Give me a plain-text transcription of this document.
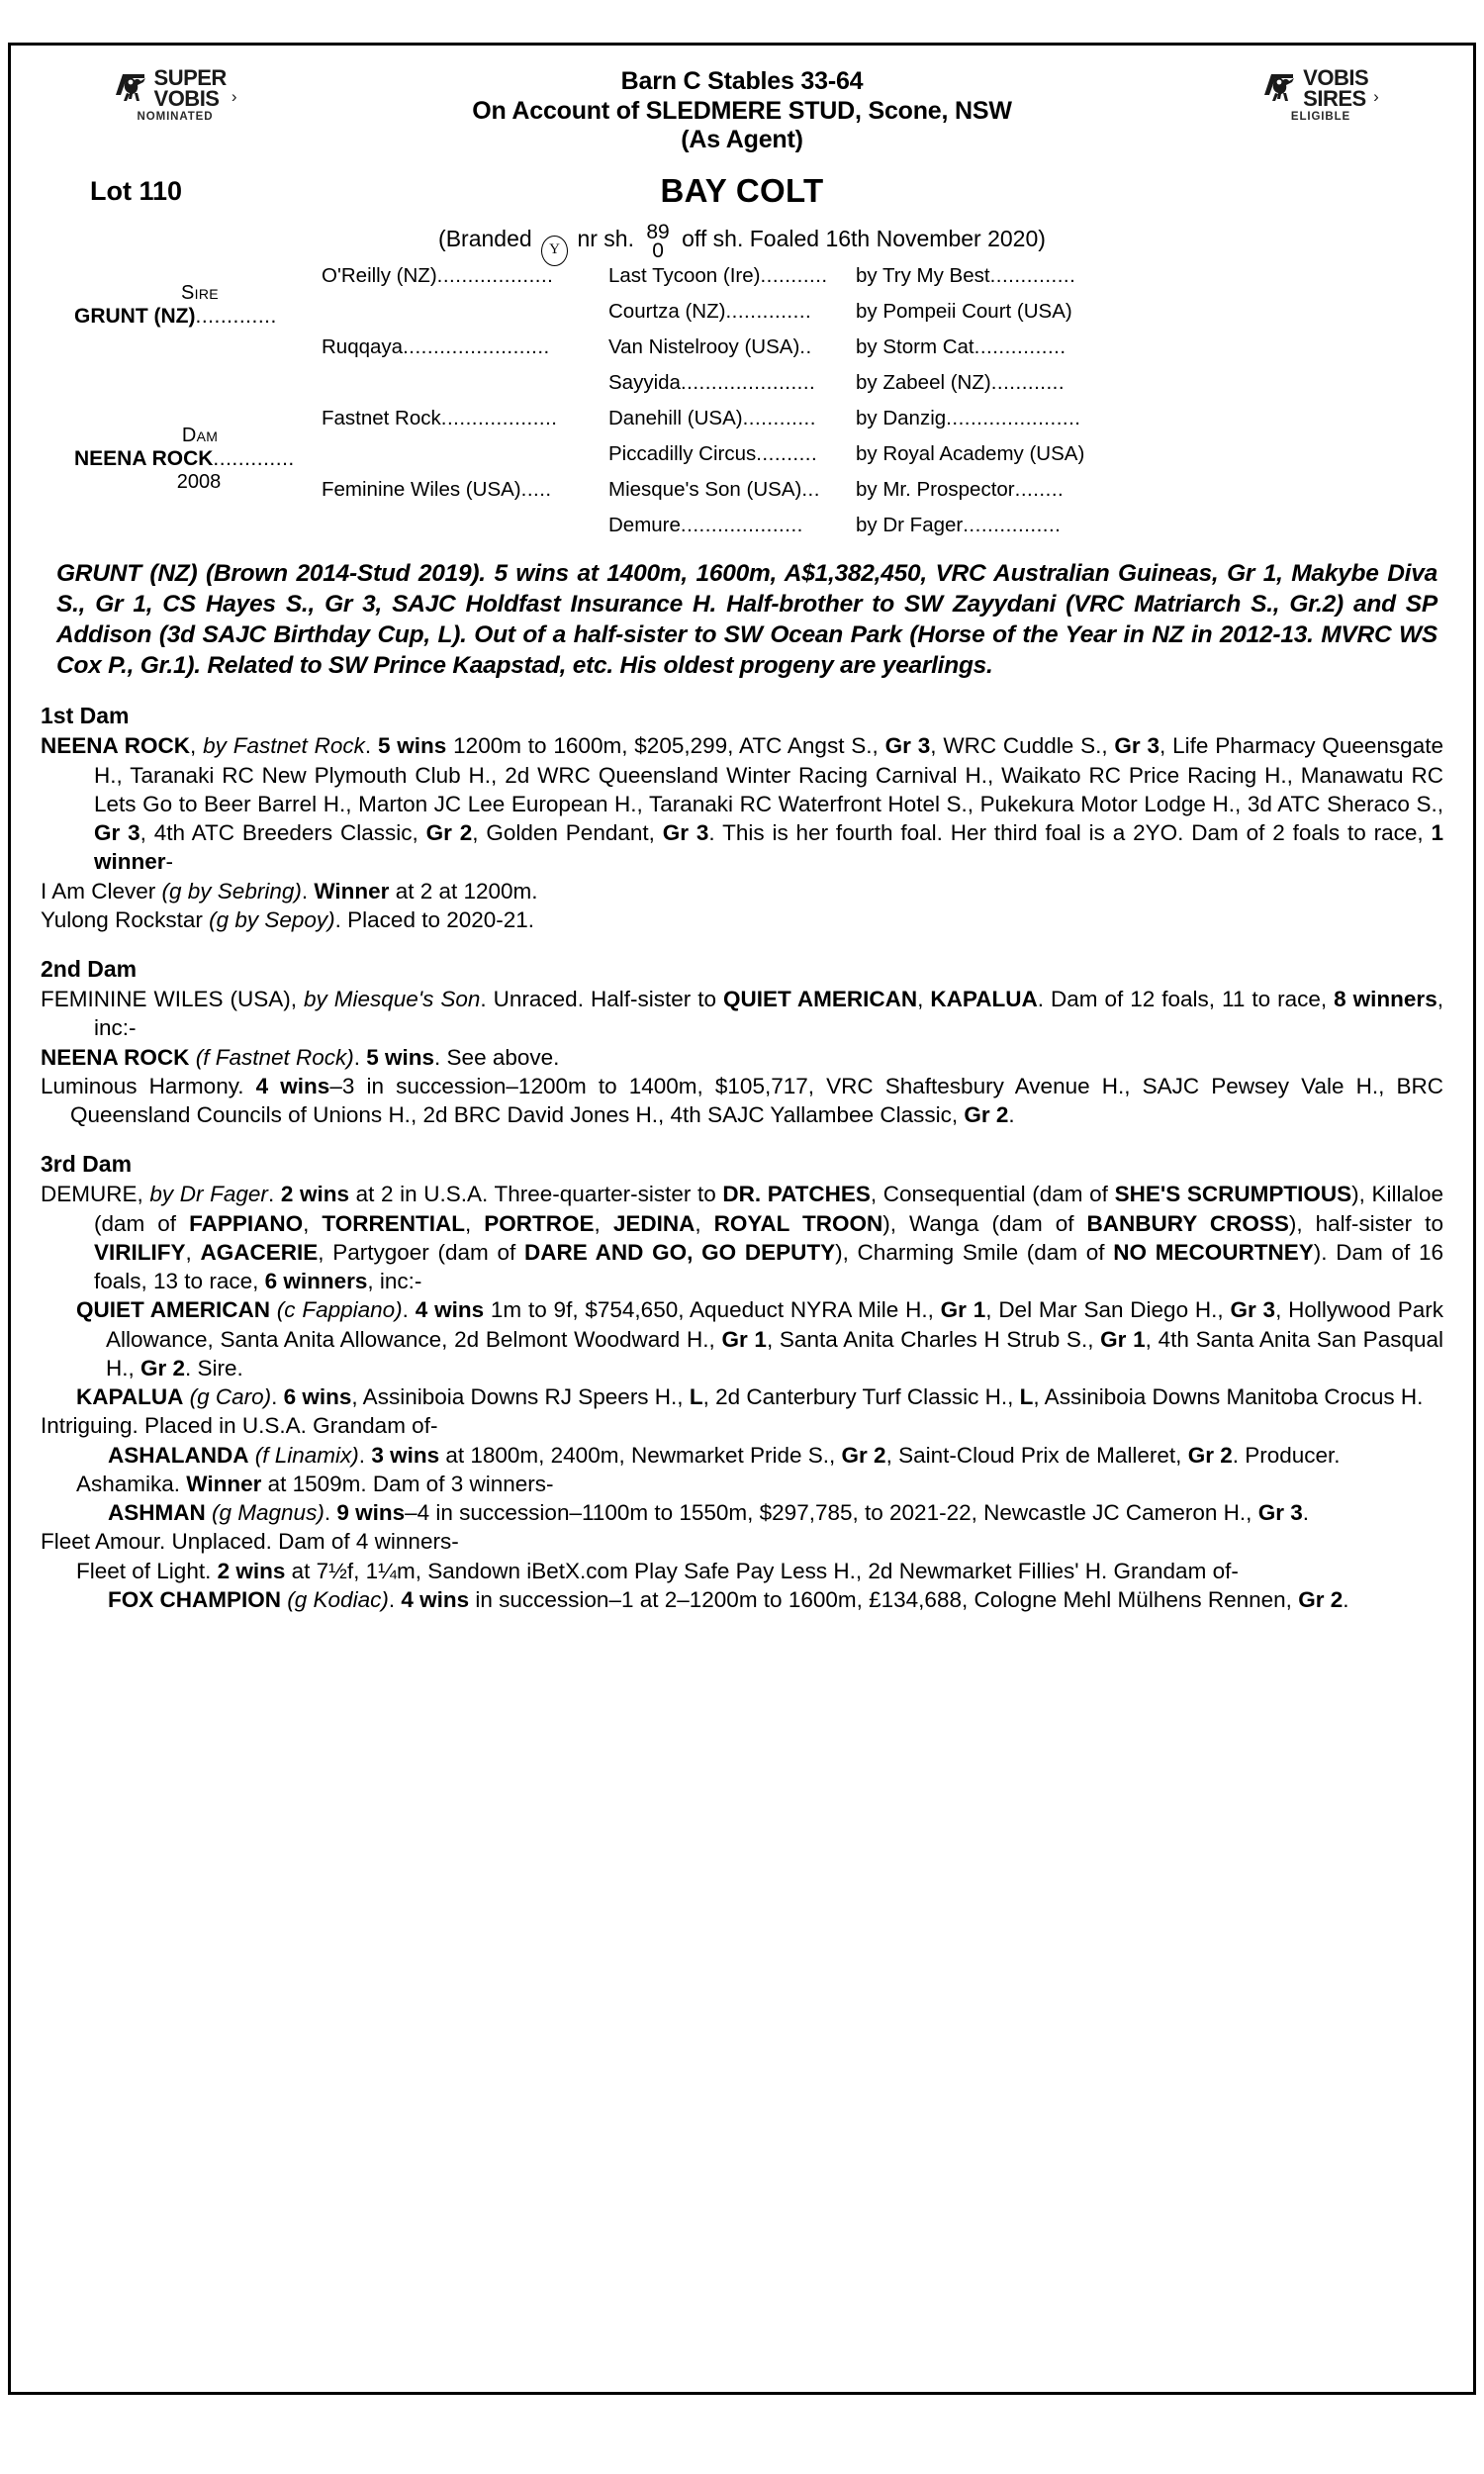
SUPER
VOBIS ›
NOMINATED
Barn C Stables 33-64
On Account of SLEDMERE STUD, Scone, NSW
(As Agent)
VOBIS
SIRES ›
ELIGIBLE
Lot 110	BAY COLT
(Branded Y nr sh. 89
0 off sh. Foaled 16th November 2020)
Sire
GRUNT (NZ).............
O'Reilly (NZ)...................
Ruqqaya........................
Last Tycoon (Ire)...........
Courtza (NZ)..............
Van Nistelrooy (USA)..
Sayyida......................
by Try My Best..............
by Pompeii Court (USA)
by Storm Cat...............
by Zabeel (NZ)............
Dam
NEENA ROCK.............
2008
Fastnet Rock...................
Feminine Wiles (USA).....
Danehill (USA)............
Piccadilly Circus..........
Miesque's Son (USA)...
Demure....................
by Danzig......................
by Royal Academy (USA)
by Mr. Prospector........
by Dr Fager................
GRUNT (NZ) (Brown 2014-Stud 2019). 5 wins at 1400m, 1600m, A$1,382,450, VRC Australian Guineas, Gr 1, Makybe Diva S., Gr 1, CS Hayes S., Gr 3, SAJC Holdfast Insurance H. Half-brother to SW Zayydani (VRC Matriarch S., Gr.2) and SP Addison (3d SAJC Birthday Cup, L). Out of a half-sister to SW Ocean Park (Horse of the Year in NZ in 2012-13. MVRC WS Cox P., Gr.1). Related to SW Prince Kaapstad, etc. His oldest progeny are yearlings.
1st Dam
NEENA ROCK, by Fastnet Rock. 5 wins 1200m to 1600m, $205,299, ATC Angst S., Gr 3, WRC Cuddle S., Gr 3, Life Pharmacy Queensgate H., Taranaki RC New Plymouth Club H., 2d WRC Queensland Winter Racing Carnival H., Waikato RC Price Racing H., Manawatu RC Lets Go to Beer Barrel H., Marton JC Lee European H., Taranaki RC Waterfront Hotel S., Pukekura Motor Lodge H., 3d ATC Sheraco S., Gr 3, 4th ATC Breeders Classic, Gr 2, Golden Pendant, Gr 3. This is her fourth foal. Her third foal is a 2YO. Dam of 2 foals to race, 1 winner-
I Am Clever (g by Sebring). Winner at 2 at 1200m.
Yulong Rockstar (g by Sepoy). Placed to 2020-21.
2nd Dam
FEMININE WILES (USA), by Miesque's Son. Unraced. Half-sister to QUIET AMERICAN, KAPALUA. Dam of 12 foals, 11 to race, 8 winners, inc:-
NEENA ROCK (f Fastnet Rock). 5 wins. See above.
Luminous Harmony. 4 wins–3 in succession–1200m to 1400m, $105,717, VRC Shaftesbury Avenue H., SAJC Pewsey Vale H., BRC Queensland Councils of Unions H., 2d BRC David Jones H., 4th SAJC Yallambee Classic, Gr 2.
3rd Dam
DEMURE, by Dr Fager. 2 wins at 2 in U.S.A. Three-quarter-sister to DR. PATCHES, Consequential (dam of SHE'S SCRUMPTIOUS), Killaloe (dam of FAPPIANO, TORRENTIAL, PORTROE, JEDINA, ROYAL TROON), Wanga (dam of BANBURY CROSS), half-sister to VIRILIFY, AGACERIE, Partygoer (dam of DARE AND GO, GO DEPUTY), Charming Smile (dam of NO MECOURTNEY). Dam of 16 foals, 13 to race, 6 winners, inc:-
QUIET AMERICAN (c Fappiano). 4 wins 1m to 9f, $754,650, Aqueduct NYRA Mile H., Gr 1, Del Mar San Diego H., Gr 3, Hollywood Park Allowance, Santa Anita Allowance, 2d Belmont Woodward H., Gr 1, Santa Anita Charles H Strub S., Gr 1, 4th Santa Anita San Pasqual H., Gr 2. Sire.
KAPALUA (g Caro). 6 wins, Assiniboia Downs RJ Speers H., L, 2d Canterbury Turf Classic H., L, Assiniboia Downs Manitoba Crocus H.
Intriguing. Placed in U.S.A. Grandam of-
ASHALANDA (f Linamix). 3 wins at 1800m, 2400m, Newmarket Pride S., Gr 2, Saint-Cloud Prix de Malleret, Gr 2. Producer.
Ashamika. Winner at 1509m. Dam of 3 winners-
ASHMAN (g Magnus). 9 wins–4 in succession–1100m to 1550m, $297,785, to 2021-22, Newcastle JC Cameron H., Gr 3.
Fleet Amour. Unplaced. Dam of 4 winners-
Fleet of Light. 2 wins at 7½f, 1¼m, Sandown iBetX.com Play Safe Pay Less H., 2d Newmarket Fillies' H. Grandam of-
FOX CHAMPION (g Kodiac). 4 wins in succession–1 at 2–1200m to 1600m, £134,688, Cologne Mehl Mülhens Rennen, Gr 2.
